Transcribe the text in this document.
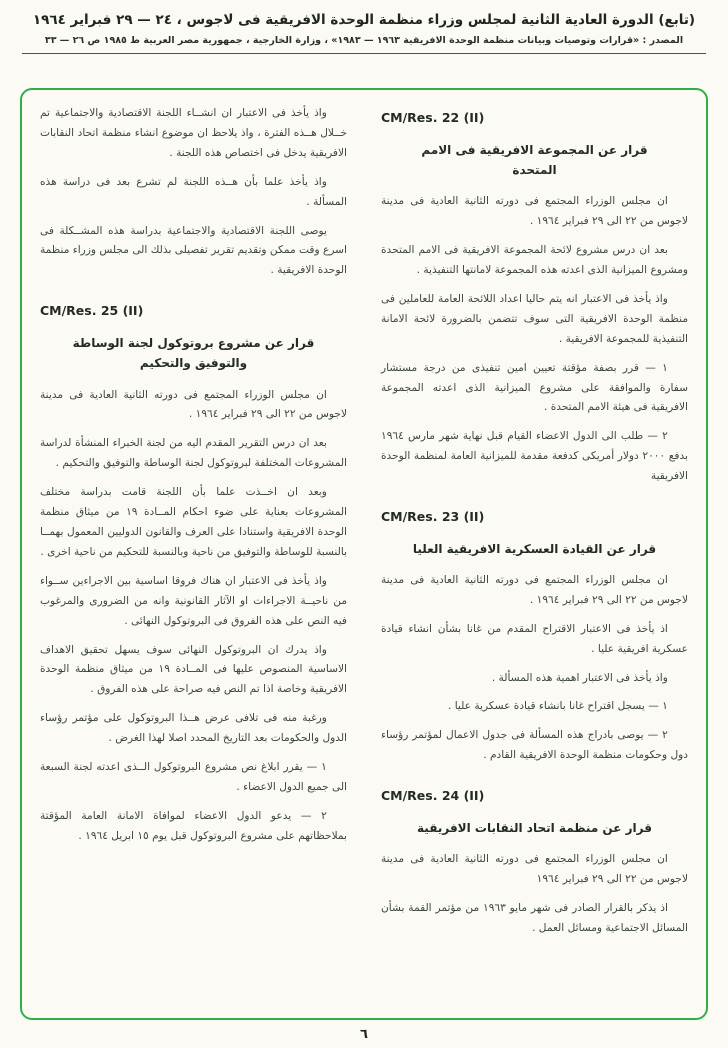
(تابع) الدورة العادية الثانية لمجلس وزراء منظمة الوحدة الافريقية فى لاجوس ، ٢٤ — ٢٩ فبراير ١٩٦٤
المصدر : «قرارات وتوصيات وبيانات منظمة الوحدة الافريقية ١٩٦٣ — ١٩٨٣» ، وزارة الخارجية ، جمهورية مصر العربية ط ١٩٨٥ ص ٢٦ — ٣٣
CM/Res. 22 (II)
قرار عن المجموعة الافريقية فى الامم المتحدة

ان مجلس الوزراء المجتمع فى دورته الثانية العادية فى مدينة لاجوس من ٢٢ الى ٢٩ فبراير ١٩٦٤ .

بعد ان درس مشروع لائحة المجموعة الافريقية فى الامم المتحدة ومشروع الميزانية الذى اعدته هذه المجموعة لامانتها التنفيذية .

واذ يأخذ فى الاعتبار انه يتم حاليا اعداد اللائحة العامة للعاملين فى منظمة الوحدة الافريقية التى سوف تتضمن بالضرورة لائحة الامانة التنفيذية للمجموعة الافريقية .

١ — قرر بصفة مؤقتة تعيين امين تنفيذى من درجة مستشار سفارة والموافقة على مشروع الميزانية الذى اعدته المجموعة الافريقية فى هيئة الامم المتحدة .

٢ — طلب الى الدول الاعضاء القيام قبل نهاية شهر مارس ١٩٦٤ بدفع ٢٠٠٠ دولار أمريكى كدفعة مقدمة للميزانية العامة لمنظمة الوحدة الافريقية

CM/Res. 23 (II)
قرار عن القيادة العسكرية الافريقية العليا

ان مجلس الوزراء المجتمع فى دورته الثانية العادية فى مدينة لاجوس من ٢٢ الى ٢٩ فبراير ١٩٦٤ .

اذ يأخذ فى الاعتبار الاقتراح المقدم من غانا بشأن انشاء قيادة عسكرية افريقية عليا .

واذ يأخذ فى الاعتبار اهمية هذه المسألة .

١ — يسجل اقتراح غانا بانشاء قيادة عسكرية عليا .

٢ — يوصى بادراج هذه المسألة فى جدول الاعمال لمؤتمر رؤساء دول وحكومات منظمة الوحدة الافريقية القادم .

CM/Res. 24 (II)
قرار عن منظمة اتحاد النقابات الافريقية

ان مجلس الوزراء المجتمع فى دورته الثانية العادية فى مدينة لاجوس من ٢٢ الى ٢٩ فبراير ١٩٦٤

اذ يذكر بالقرار الصادر فى شهر مايو ١٩٦٣ من مؤتمر القمة بشأن المسائل الاجتماعية ومسائل العمل .

واذ يأخذ فى الاعتبار ان انشــاء اللجنة الاقتصادية والاجتماعية تم خــلال هــذه الفترة ، واذ يلاحظ ان موضوع انشاء منظمة اتحاد النقابات الافريقية يدخل فى اختصاص هذه اللجنة .

واذ يأخذ علما بأن هــذه اللجنة لم تشرع بعد فى دراسة هذه المسألة .

يوصى اللجنة الاقتصادية والاجتماعية بدراسة هذه المشــكلة فى اسرع وقت ممكن وتقديم تقرير تفصيلى بذلك الى مجلس وزراء منظمة الوحدة الافريقية .

CM/Res. 25 (II)
قرار عن مشروع بروتوكول لجنة الوساطة والتوفيق والتحكيم

ان مجلس الوزراء المجتمع فى دورته الثانية العادية فى مدينة لاجوس من ٢٢ الى ٢٩ فبراير ١٩٦٤ .

بعد ان درس التقرير المقدم اليه من لجنة الخبراء المنشأة لدراسة المشروعات المختلفة لبروتوكول لجنة الوساطة والتوفيق والتحكيم .

وبعد ان اخــذت علما بأن اللجنة قامت بدراسة مختلف المشروعات بعناية على ضوء احكام المــادة ١٩ من ميثاق منظمة الوحدة الافريقية واستنادا على العرف والقانون الدوليين المعمول بهمــا بالنسبة للوساطة والتوفيق من ناحية وبالنسبة للتحكيم من ناحية اخرى .

واذ يأخذ فى الاعتبار ان هناك فروقا اساسية بين الاجراءين ســواء من ناحيــة الاجراءات او الآثار القانونية وانه من الضرورى والمرغوب فيه النص على هذه الفروق فى البروتوكول النهائى .

واذ يدرك ان البروتوكول النهائى سوف يسهل تحقيق الاهداف الاساسية المنصوص عليها فى المــادة ١٩ من ميثاق منظمة الوحدة الافريقية وخاصة اذا تم النص فيه صراحة على هذه الفروق .

ورغبة منه فى تلافى عرض هــذا البروتوكول على مؤتمر رؤساء الدول والحكومات بعد التاريخ المحدد اصلا لهذا الغرض .

١ — يقرر ابلاغ نص مشروع البروتوكول الــذى اعدته لجنة السبعة الى جميع الدول الاعضاء .

٢ — يدعو الدول الاعضاء لموافاة الامانة العامة المؤقتة بملاحظاتهم على مشروع البروتوكول قبل يوم ١٥ ابريل ١٩٦٤ .

٦
